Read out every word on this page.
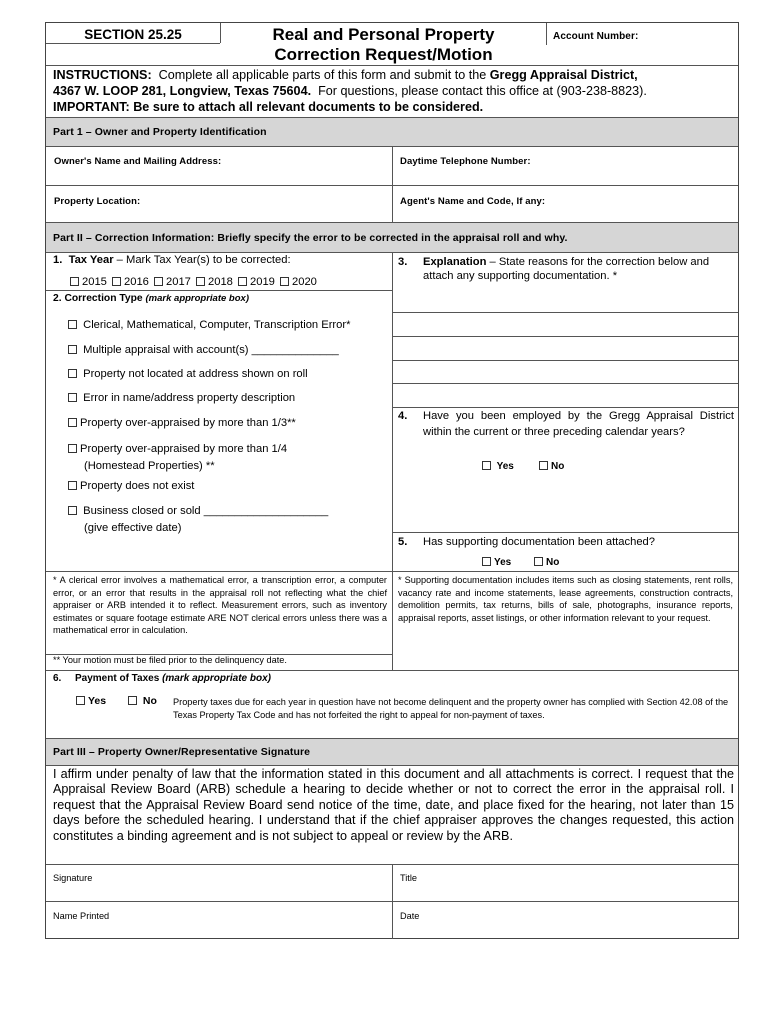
SECTION 25.25	Real and Personal Property
Correction Request/Motion
Account Number:
INSTRUCTIONS: Complete all applicable parts of this form and submit to the Gregg Appraisal District,
4367 W. LOOP 281, Longview, Texas 75604. For questions, please contact this office at (903-238-8823).
IMPORTANT: Be sure to attach all relevant documents to be considered.
Part 1 – Owner and Property Identification
Owner's Name and Mailing Address:	Daytime Telephone Number:
Property Location:	Agent's Name and Code, If any:
Part II – Correction Information: Briefly specify the error to be corrected in the appraisal roll and why.
1. Tax Year – Mark Tax Year(s) to be corrected:
2015 2016 2017 2018 2019 2020
2. Correction Type (mark appropriate box)
Clerical, Mathematical, Computer, Transcription Error*
Multiple appraisal with account(s) ______________
Property not located at address shown on roll
Error in name/address property description
Property over-appraised by more than 1/3**
Property over-appraised by more than 1/4
(Homestead Properties) **
Property does not exist
Business closed or sold ____________________
(give effective date)
3.	Explanation – State reasons for the correction below and attach any supporting documentation. *
4.	Have you been employed by the Gregg Appraisal District within the current or three preceding calendar years?
Yes	No
5. Has supporting documentation been attached?
Yes	No
* A clerical error involves a mathematical error, a transcription error, a computer error, or an error that results in the appraisal roll not reflecting what the chief appraiser or ARB intended it to reflect. Measurement errors, such as inventory estimates or square footage estimate ARE NOT clerical errors unless there was a mathematical error in calculation.
** Your motion must be filed prior to the delinquency date.
* Supporting documentation includes items such as closing statements, rent rolls, vacancy rate and income statements, lease agreements, construction contracts, demolition permits, tax returns, bills of sale, photographs, insurance reports, appraisal reports, asset listings, or other information relevant to your request.
6. Payment of Taxes (mark appropriate box)
Yes	No Property taxes due for each year in question have not become delinquent and the property owner has complied with Section 42.08 of the Texas Property Tax Code and has not forfeited the right to appeal for non-payment of taxes.
Part III – Property Owner/Representative Signature
I affirm under penalty of law that the information stated in this document and all attachments is correct. I request that the Appraisal Review Board (ARB) schedule a hearing to decide whether or not to correct the error in the appraisal roll. I request that the Appraisal Review Board send notice of the time, date, and place fixed for the hearing, not later than 15 days before the scheduled hearing. I understand that if the chief appraiser approves the changes requested, this action constitutes a binding agreement and is not subject to appeal or review by the ARB.
Signature	Title
Name Printed	Date
